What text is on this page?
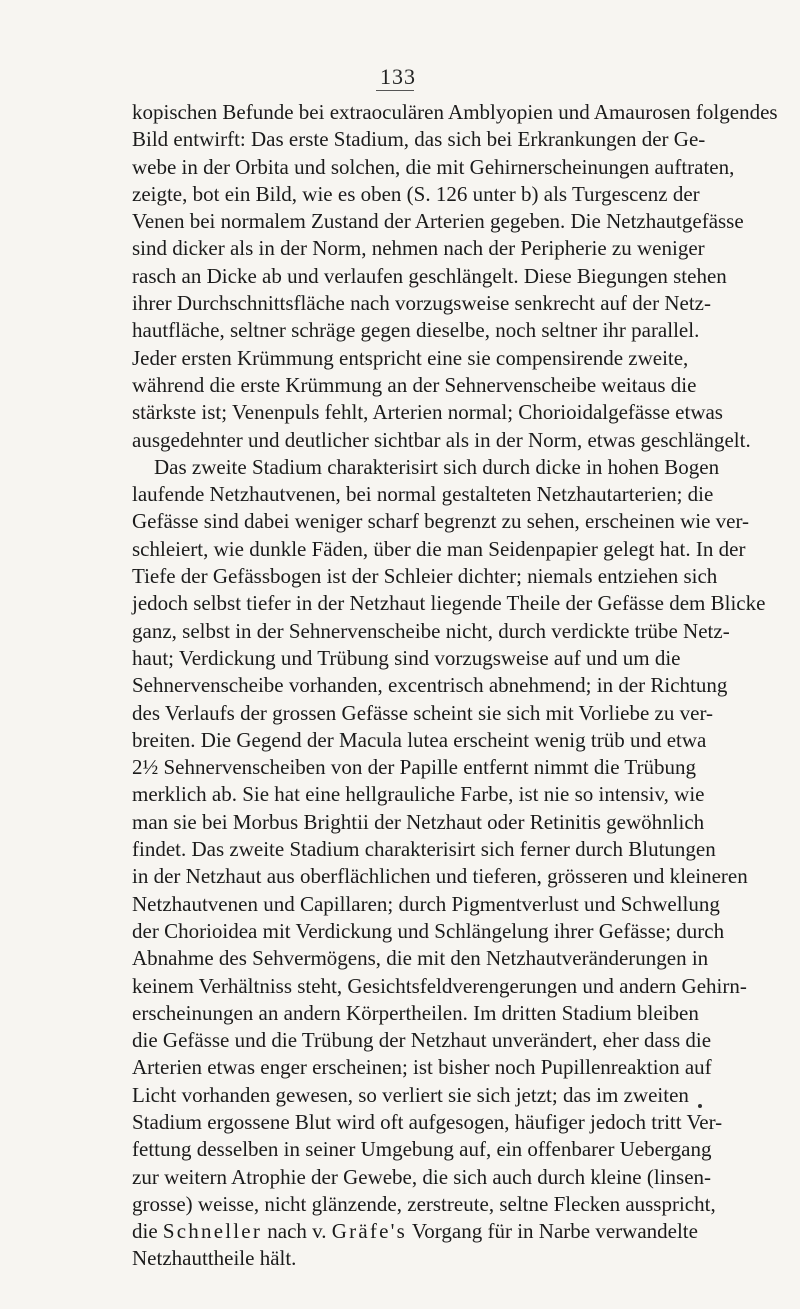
133
kopischen Befunde bei extraoculären Amblyopien und Amaurosen folgendes
Bild entwirft: Das erste Stadium, das sich bei Erkrankungen der Ge-
webe in der Orbita und solchen, die mit Gehirnerscheinungen auftraten,
zeigte, bot ein Bild, wie es oben (S. 126 unter b) als Turgescenz der
Venen bei normalem Zustand der Arterien gegeben. Die Netzhautgefässe
sind dicker als in der Norm, nehmen nach der Peripherie zu weniger
rasch an Dicke ab und verlaufen geschlängelt. Diese Biegungen stehen
ihrer Durchschnittsfläche nach vorzugsweise senkrecht auf der Netz-
hautfläche, seltner schräge gegen dieselbe, noch seltner ihr parallel.
Jeder ersten Krümmung entspricht eine sie compensirende zweite,
während die erste Krümmung an der Sehnervenscheibe weitaus die
stärkste ist; Venenpuls fehlt, Arterien normal; Chorioidalgefässe etwas
ausgedehnter und deutlicher sichtbar als in der Norm, etwas geschlängelt.
Das zweite Stadium charakterisirt sich durch dicke in hohen Bogen
laufende Netzhautvenen, bei normal gestalteten Netzhautarterien; die
Gefässe sind dabei weniger scharf begrenzt zu sehen, erscheinen wie ver-
schleiert, wie dunkle Fäden, über die man Seidenpapier gelegt hat. In der
Tiefe der Gefässbogen ist der Schleier dichter; niemals entziehen sich
jedoch selbst tiefer in der Netzhaut liegende Theile der Gefässe dem Blicke
ganz, selbst in der Sehnervenscheibe nicht, durch verdickte trübe Netz-
haut; Verdickung und Trübung sind vorzugsweise auf und um die
Sehnervenscheibe vorhanden, excentrisch abnehmend; in der Richtung
des Verlaufs der grossen Gefässe scheint sie sich mit Vorliebe zu ver-
breiten. Die Gegend der Macula lutea erscheint wenig trüb und etwa
2½ Sehnervenscheiben von der Papille entfernt nimmt die Trübung
merklich ab. Sie hat eine hellgrauliche Farbe, ist nie so intensiv, wie
man sie bei Morbus Brightii der Netzhaut oder Retinitis gewöhnlich
findet. Das zweite Stadium charakterisirt sich ferner durch Blutungen
in der Netzhaut aus oberflächlichen und tieferen, grösseren und kleineren
Netzhautvenen und Capillaren; durch Pigmentverlust und Schwellung
der Chorioidea mit Verdickung und Schlängelung ihrer Gefässe; durch
Abnahme des Sehvermögens, die mit den Netzhautveränderungen in
keinem Verhältniss steht, Gesichtsfeldverengerungen und andern Gehirn-
erscheinungen an andern Körpertheilen. Im dritten Stadium bleiben
die Gefässe und die Trübung der Netzhaut unverändert, eher dass die
Arterien etwas enger erscheinen; ist bisher noch Pupillenreaktion auf
Licht vorhanden gewesen, so verliert sie sich jetzt; das im zweiten
Stadium ergossene Blut wird oft aufgesogen, häufiger jedoch tritt Ver-
fettung desselben in seiner Umgebung auf, ein offenbarer Uebergang
zur weitern Atrophie der Gewebe, die sich auch durch kleine (linsen-
grosse) weisse, nicht glänzende, zerstreute, seltne Flecken ausspricht,
die Schneller nach v. Gräfe's Vorgang für in Narbe verwandelte
Netzhauttheile hält.
